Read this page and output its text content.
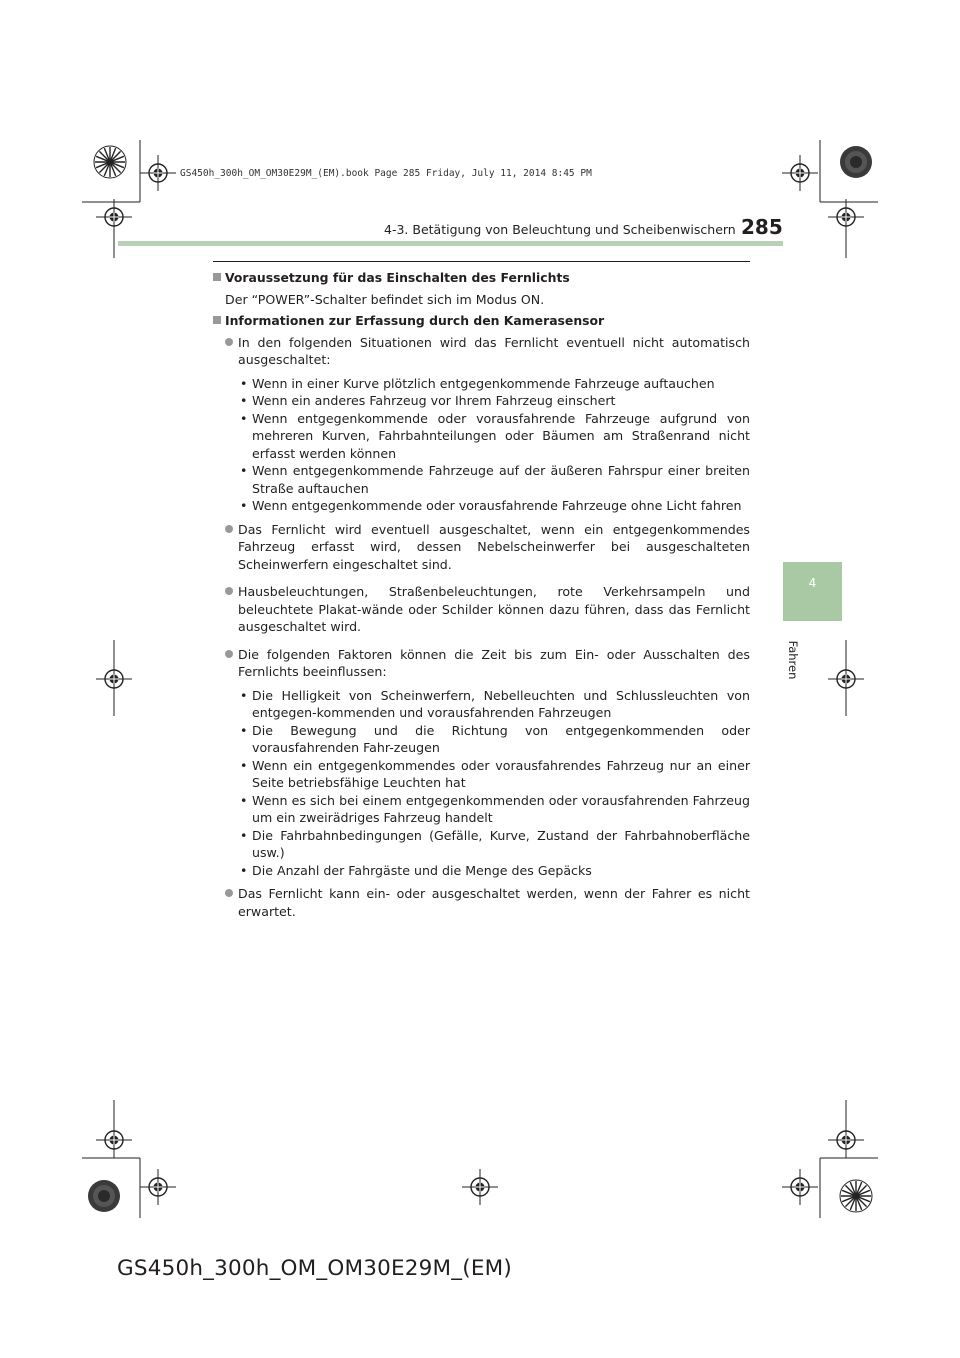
GS450h_300h_OM_OM30E29M_(EM).book Page 285 Friday, July 11, 2014 8:45 PM
4-3. Betätigung von Beleuchtung und Scheibenwischern 285
4
Fahren

Voraussetzung für das Einschalten des Fernlichts

Der “POWER”-Schalter befindet sich im Modus ON.

Informationen zur Erfassung durch den Kamerasensor

In den folgenden Situationen wird das Fernlicht eventuell nicht automatisch ausgeschaltet:

• Wenn in einer Kurve plötzlich entgegenkommende Fahrzeuge auftauchen
• Wenn ein anderes Fahrzeug vor Ihrem Fahrzeug einschert
• Wenn entgegenkommende oder vorausfahrende Fahrzeuge aufgrund von mehreren Kurven, Fahrbahnteilungen oder Bäumen am Straßenrand nicht erfasst werden können
• Wenn entgegenkommende Fahrzeuge auf der äußeren Fahrspur einer breiten Straße auftauchen
• Wenn entgegenkommende oder vorausfahrende Fahrzeuge ohne Licht fahren

Das Fernlicht wird eventuell ausgeschaltet, wenn ein entgegenkommendes Fahrzeug erfasst wird, dessen Nebelscheinwerfer bei ausgeschalteten Scheinwerfern eingeschaltet sind.

Hausbeleuchtungen, Straßenbeleuchtungen, rote Verkehrsampeln und beleuchtete Plakat-wände oder Schilder können dazu führen, dass das Fernlicht ausgeschaltet wird.

Die folgenden Faktoren können die Zeit bis zum Ein- oder Ausschalten des Fernlichts beeinflussen:

• Die Helligkeit von Scheinwerfern, Nebelleuchten und Schlussleuchten von entgegen-kommenden und vorausfahrenden Fahrzeugen
• Die Bewegung und die Richtung von entgegenkommenden oder vorausfahrenden Fahr-zeugen
• Wenn ein entgegenkommendes oder vorausfahrendes Fahrzeug nur an einer Seite betriebsfähige Leuchten hat
• Wenn es sich bei einem entgegenkommenden oder vorausfahrenden Fahrzeug um ein zweirädriges Fahrzeug handelt
• Die Fahrbahnbedingungen (Gefälle, Kurve, Zustand der Fahrbahnoberfläche usw.)
• Die Anzahl der Fahrgäste und die Menge des Gepäcks

Das Fernlicht kann ein- oder ausgeschaltet werden, wenn der Fahrer es nicht erwartet.

GS450h_300h_OM_OM30E29M_(EM)
